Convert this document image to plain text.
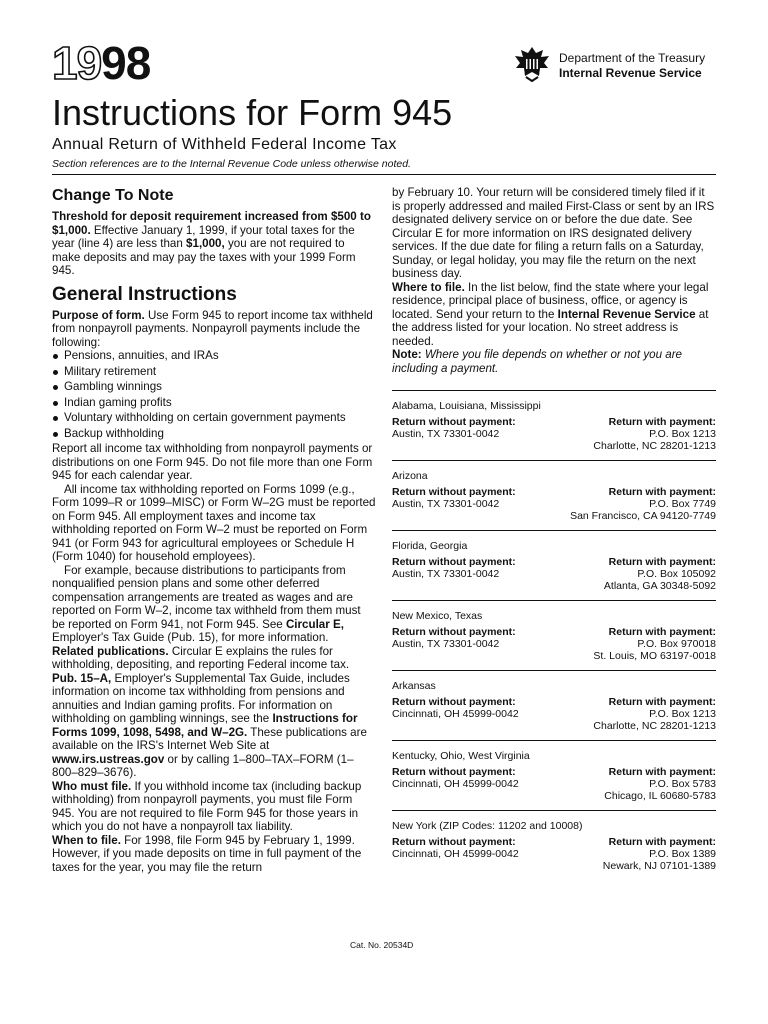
1998	Department of the Treasury
Internal Revenue Service
Instructions for Form 945
Annual Return of Withheld Federal Income Tax
Section references are to the Internal Revenue Code unless otherwise noted.
Change To Note

Threshold for deposit requirement increased from $500 to $1,000. Effective January 1, 1999, if your total taxes for the year (line 4) are less than $1,000, you are not required to make deposits and may pay the taxes with your 1999 Form 945.

General Instructions

Purpose of form. Use Form 945 to report income tax withheld from nonpayroll payments. Nonpayroll payments include the following:

Pensions, annuities, and IRAs
Military retirement
Gambling winnings
Indian gaming profits
Voluntary withholding on certain government payments
Backup withholding

Report all income tax withholding from nonpayroll payments or distributions on one Form 945. Do not file more than one Form 945 for each calendar year.

All income tax withholding reported on Forms 1099 (e.g., Form 1099–R or 1099–MISC) or Form W–2G must be reported on Form 945. All employment taxes and income tax withholding reported on Form W–2 must be reported on Form 941 (or Form 943 for agricultural employees or Schedule H (Form 1040) for household employees).

For example, because distributions to participants from nonqualified pension plans and some other deferred compensation arrangements are treated as wages and are reported on Form W–2, income tax withheld from them must be reported on Form 941, not Form 945. See Circular E, Employer's Tax Guide (Pub. 15), for more information.

Related publications. Circular E explains the rules for withholding, depositing, and reporting Federal income tax. Pub. 15–A, Employer's Supplemental Tax Guide, includes information on income tax withholding from pensions and annuities and Indian gaming profits. For information on withholding on gambling winnings, see the Instructions for Forms 1099, 1098, 5498, and W–2G. These publications are available on the IRS's Internet Web Site at www.irs.ustreas.gov or by calling 1–800–TAX–FORM (1–800–829–3676).

Who must file. If you withhold income tax (including backup withholding) from nonpayroll payments, you must file Form 945. You are not required to file Form 945 for those years in which you do not have a nonpayroll tax liability.

When to file. For 1998, file Form 945 by February 1, 1999. However, if you made deposits on time in full payment of the taxes for the year, you may file the return

by February 10. Your return will be considered timely filed if it is properly addressed and mailed First-Class or sent by an IRS designated delivery service on or before the due date. See Circular E for more information on IRS designated delivery services. If the due date for filing a return falls on a Saturday, Sunday, or legal holiday, you may file the return on the next business day.

Where to file. In the list below, find the state where your legal residence, principal place of business, office, or agency is located. Send your return to the Internal Revenue Service at the address listed for your location. No street address is needed.

Note: Where you file depends on whether or not you are including a payment.

Alabama, Louisiana, Mississippi
Return without payment:
Austin, TX 73301-0042
Return with payment:
P.O. Box 1213
Charlotte, NC 28201-1213
Arizona
Return without payment:
Austin, TX 73301-0042
Return with payment:
P.O. Box 7749
San Francisco, CA 94120-7749
Florida, Georgia
Return without payment:
Austin, TX 73301-0042
Return with payment:
P.O. Box 105092
Atlanta, GA 30348-5092
New Mexico, Texas
Return without payment:
Austin, TX 73301-0042
Return with payment:
P.O. Box 970018
St. Louis, MO 63197-0018
Arkansas
Return without payment:
Cincinnati, OH 45999-0042
Return with payment:
P.O. Box 1213
Charlotte, NC 28201-1213
Kentucky, Ohio, West Virginia
Return without payment:
Cincinnati, OH 45999-0042
Return with payment:
P.O. Box 5783
Chicago, IL 60680-5783
New York (ZIP Codes: 11202 and 10008)
Return without payment:
Cincinnati, OH 45999-0042
Return with payment:
P.O. Box 1389
Newark, NJ 07101-1389
Cat. No. 20534D
